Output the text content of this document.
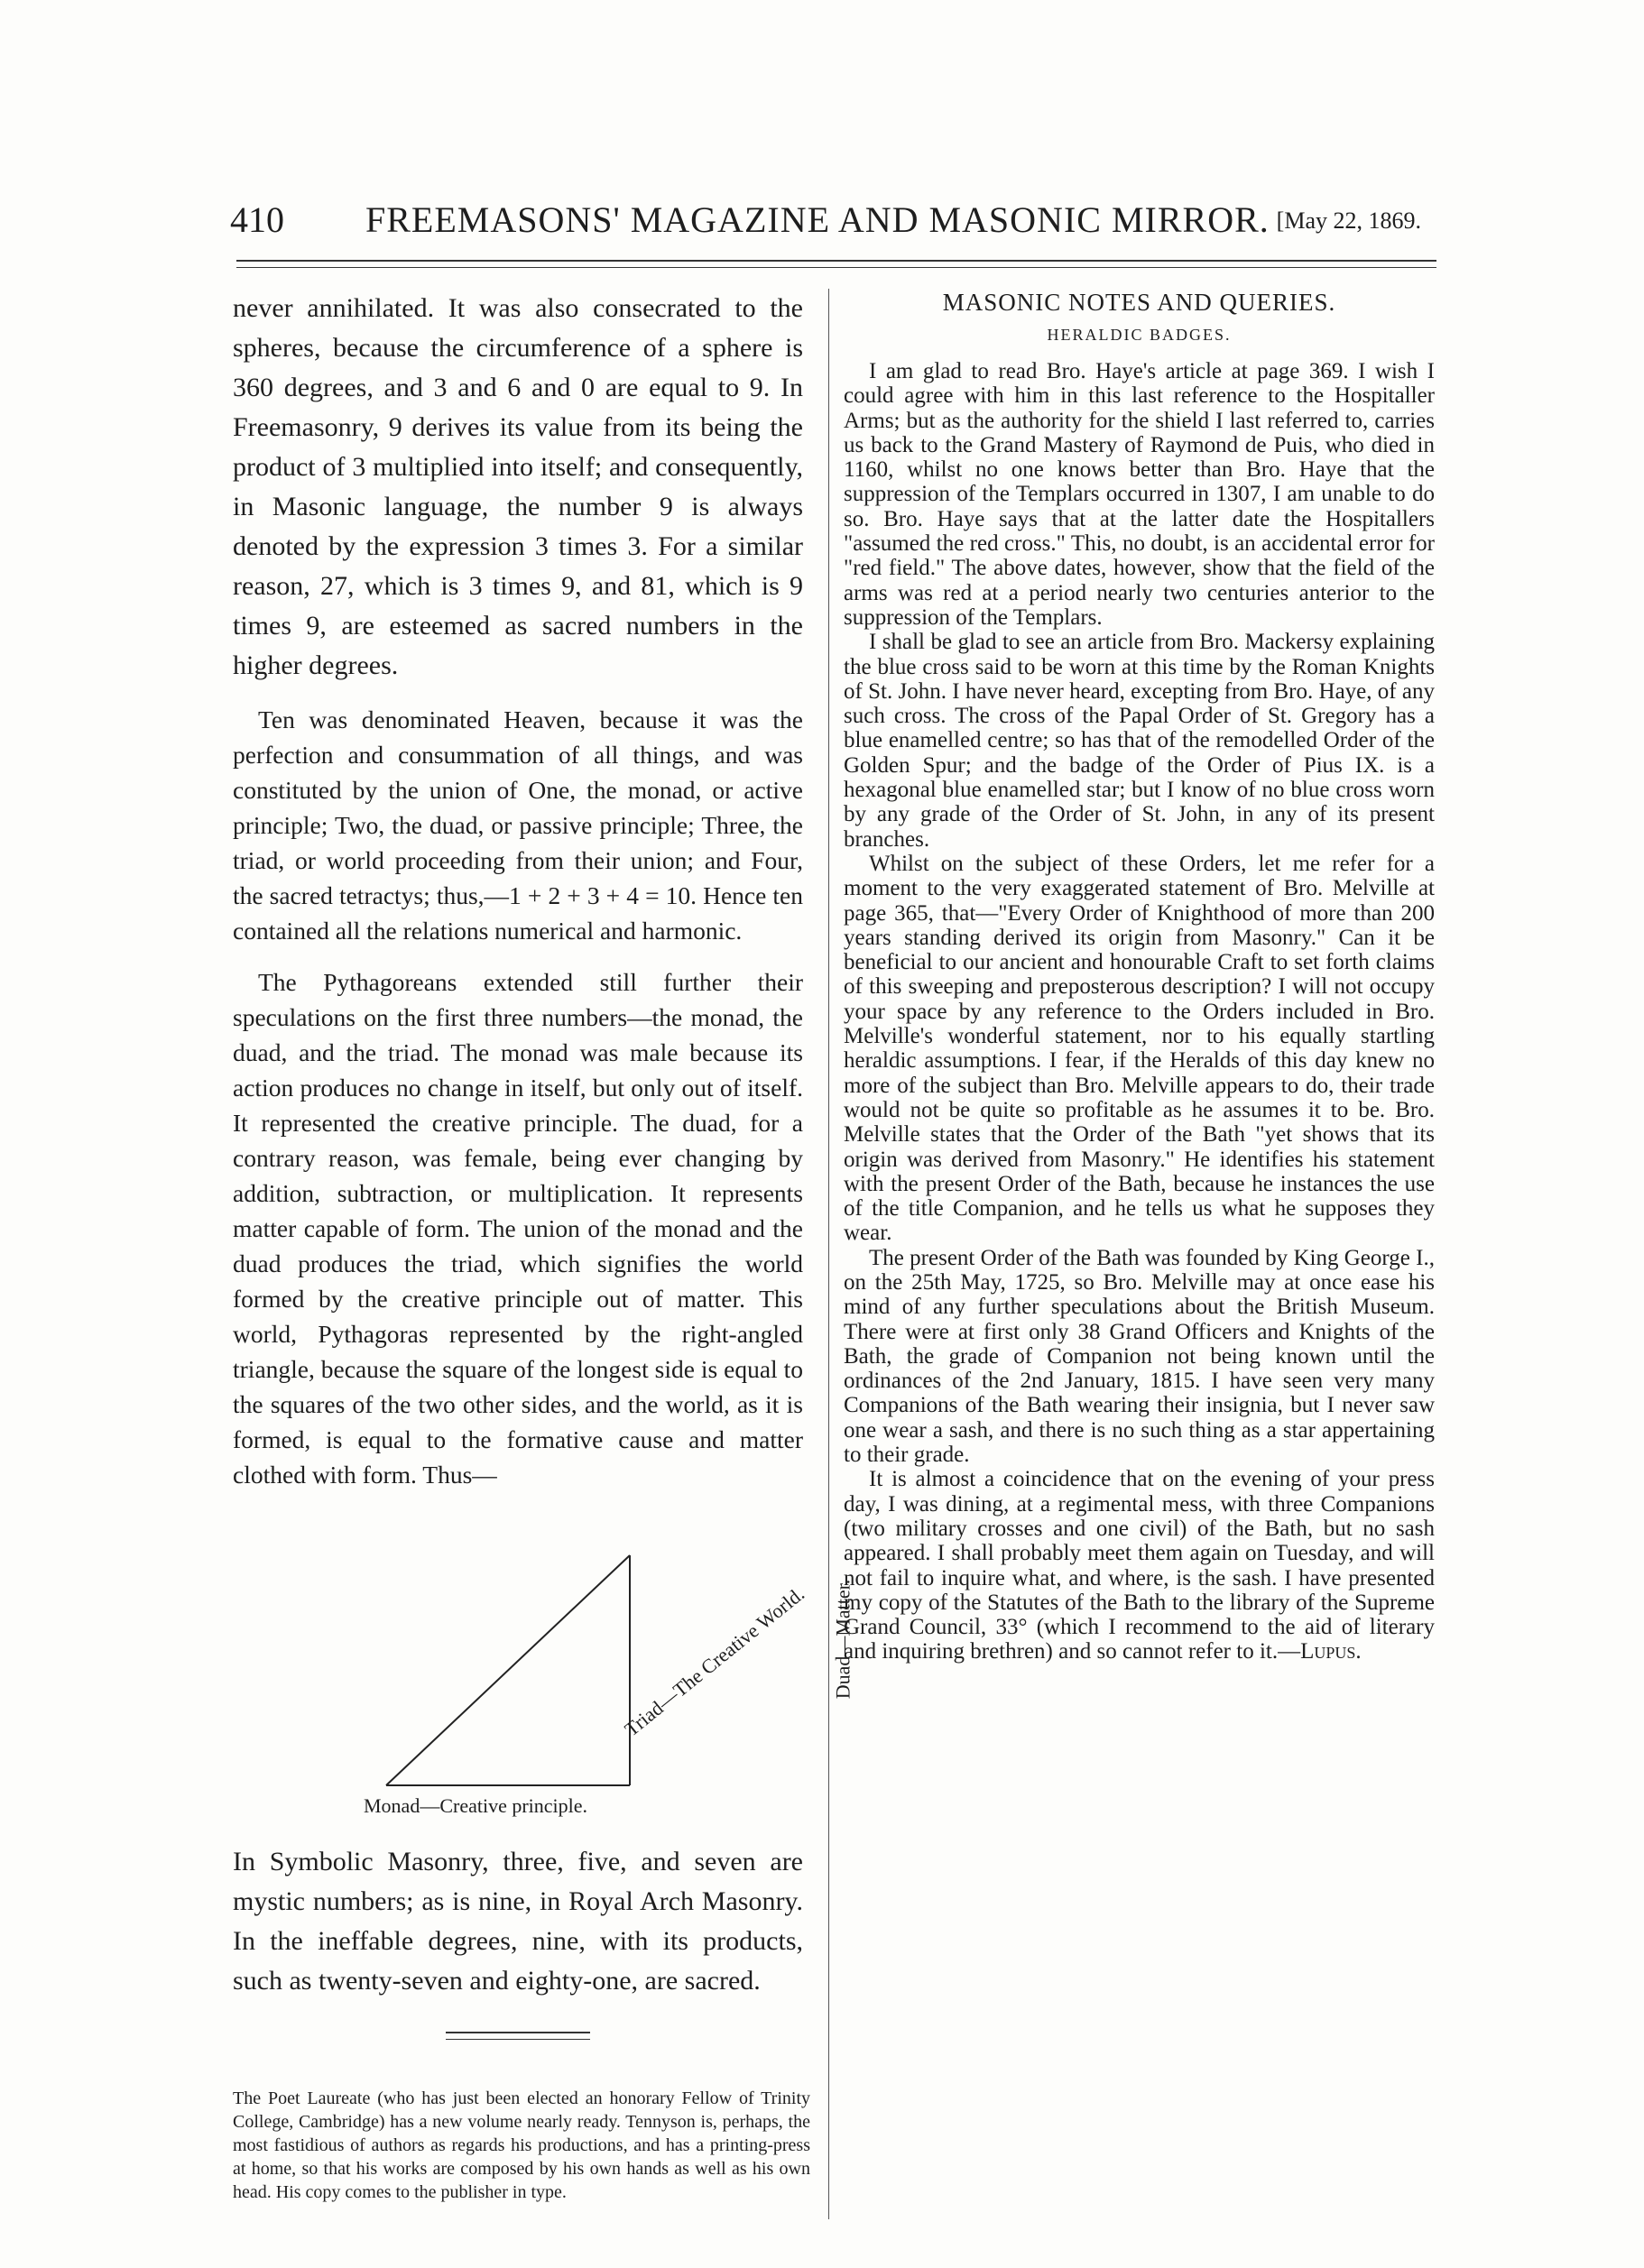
410 FREEMASONS' MAGAZINE AND MASONIC MIRROR. [May 22, 1869.

never annihilated. It was also consecrated to the spheres, because the circumference of a sphere is 360 degrees, and 3 and 6 and 0 are equal to 9. In Freemasonry, 9 derives its value from its being the product of 3 multiplied into itself; and consequently, in Masonic language, the number 9 is always denoted by the expression 3 times 3. For a similar reason, 27, which is 3 times 9, and 81, which is 9 times 9, are esteemed as sacred numbers in the higher degrees.

Ten was denominated Heaven, because it was the perfection and consummation of all things, and was constituted by the union of One, the monad, or active principle; Two, the duad, or passive principle; Three, the triad, or world proceeding from their union; and Four, the sacred tetractys; thus,—1 + 2 + 3 + 4 = 10. Hence ten contained all the relations numerical and harmonic.

The Pythagoreans extended still further their speculations on the first three numbers—the monad, the duad, and the triad. The monad was male because its action produces no change in itself, but only out of itself. It represented the creative principle. The duad, for a contrary reason, was female, being ever changing by addition, subtraction, or multiplication. It represents matter capable of form. The union of the monad and the duad produces the triad, which signifies the world formed by the creative principle out of matter. This world, Pythagoras represented by the right-angled triangle, because the square of the longest side is equal to the squares of the two other sides, and the world, as it is formed, is equal to the formative cause and matter clothed with form. Thus—

Triad—The Creative World. Duad—Matter.
Monad—Creative principle.

In Symbolic Masonry, three, five, and seven are mystic numbers; as is nine, in Royal Arch Masonry. In the ineffable degrees, nine, with its products, such as twenty-seven and eighty-one, are sacred.

The Poet Laureate (who has just been elected an honorary Fellow of Trinity College, Cambridge) has a new volume nearly ready. Tennyson is, perhaps, the most fastidious of authors as regards his productions, and has a printing-press at home, so that his works are composed by his own hands as well as his own head. His copy comes to the publisher in type.
MASONIC NOTES AND QUERIES.
HERALDIC BADGES.

I am glad to read Bro. Haye's article at page 369. I wish I could agree with him in this last reference to the Hospitaller Arms; but as the authority for the shield I last referred to, carries us back to the Grand Mastery of Raymond de Puis, who died in 1160, whilst no one knows better than Bro. Haye that the suppression of the Templars occurred in 1307, I am unable to do so. Bro. Haye says that at the latter date the Hospitallers "assumed the red cross." This, no doubt, is an accidental error for "red field." The above dates, however, show that the field of the arms was red at a period nearly two centuries anterior to the suppression of the Templars.

I shall be glad to see an article from Bro. Mackersy explaining the blue cross said to be worn at this time by the Roman Knights of St. John. I have never heard, excepting from Bro. Haye, of any such cross. The cross of the Papal Order of St. Gregory has a blue enamelled centre; so has that of the remodelled Order of the Golden Spur; and the badge of the Order of Pius IX. is a hexagonal blue enamelled star; but I know of no blue cross worn by any grade of the Order of St. John, in any of its present branches.

Whilst on the subject of these Orders, let me refer for a moment to the very exaggerated statement of Bro. Melville at page 365, that—"Every Order of Knighthood of more than 200 years standing derived its origin from Masonry." Can it be beneficial to our ancient and honourable Craft to set forth claims of this sweeping and preposterous description? I will not occupy your space by any reference to the Orders included in Bro. Melville's wonderful statement, nor to his equally startling heraldic assumptions. I fear, if the Heralds of this day knew no more of the subject than Bro. Melville appears to do, their trade would not be quite so profitable as he assumes it to be. Bro. Melville states that the Order of the Bath "yet shows that its origin was derived from Masonry." He identifies his statement with the present Order of the Bath, because he instances the use of the title Companion, and he tells us what he supposes they wear.

The present Order of the Bath was founded by King George I., on the 25th May, 1725, so Bro. Melville may at once ease his mind of any further speculations about the British Museum. There were at first only 38 Grand Officers and Knights of the Bath, the grade of Companion not being known until the ordinances of the 2nd January, 1815. I have seen very many Companions of the Bath wearing their insignia, but I never saw one wear a sash, and there is no such thing as a star appertaining to their grade.

It is almost a coincidence that on the evening of your press day, I was dining, at a regimental mess, with three Companions (two military crosses and one civil) of the Bath, but no sash appeared. I shall probably meet them again on Tuesday, and will not fail to inquire what, and where, is the sash. I have presented my copy of the Statutes of the Bath to the library of the Supreme Grand Council, 33° (which I recommend to the aid of literary and inquiring brethren) and so cannot refer to it.—Lupus.
